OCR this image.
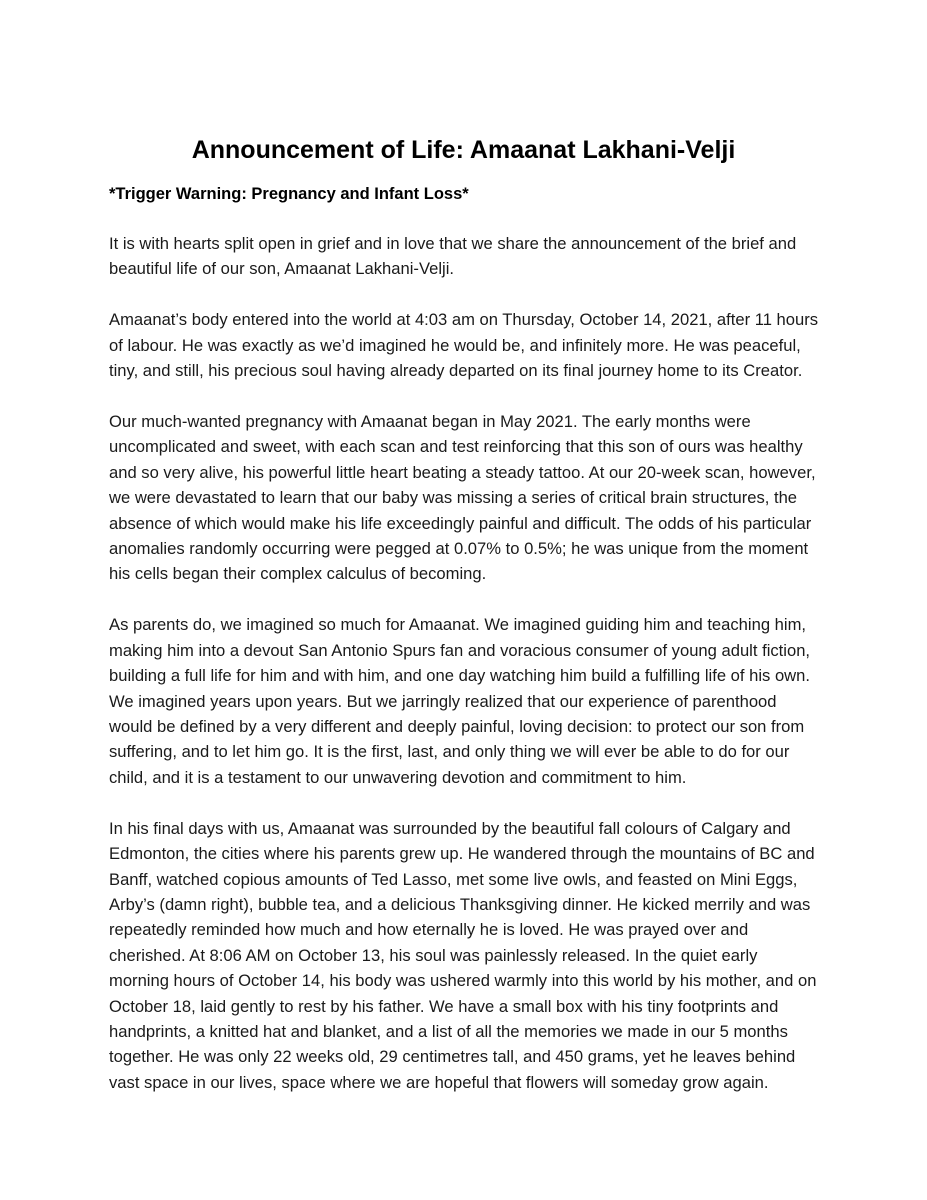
Announcement of Life: Amaanat Lakhani-Velji

*Trigger Warning: Pregnancy and Infant Loss*

It is with hearts split open in grief and in love that we share the announcement of the brief and beautiful life of our son, Amaanat Lakhani-Velji.

Amaanat’s body entered into the world at 4:03 am on Thursday, October 14, 2021, after 11 hours of labour. He was exactly as we’d imagined he would be, and infinitely more. He was peaceful, tiny, and still, his precious soul having already departed on its final journey home to its Creator.

Our much-wanted pregnancy with Amaanat began in May 2021. The early months were uncomplicated and sweet, with each scan and test reinforcing that this son of ours was healthy and so very alive, his powerful little heart beating a steady tattoo. At our 20-week scan, however, we were devastated to learn that our baby was missing a series of critical brain structures, the absence of which would make his life exceedingly painful and difficult. The odds of his particular anomalies randomly occurring were pegged at 0.07% to 0.5%; he was unique from the moment his cells began their complex calculus of becoming.

As parents do, we imagined so much for Amaanat. We imagined guiding him and teaching him, making him into a devout San Antonio Spurs fan and voracious consumer of young adult fiction, building a full life for him and with him, and one day watching him build a fulfilling life of his own. We imagined years upon years. But we jarringly realized that our experience of parenthood would be defined by a very different and deeply painful, loving decision: to protect our son from suffering, and to let him go. It is the first, last, and only thing we will ever be able to do for our child, and it is a testament to our unwavering devotion and commitment to him.

In his final days with us, Amaanat was surrounded by the beautiful fall colours of Calgary and Edmonton, the cities where his parents grew up. He wandered through the mountains of BC and Banff, watched copious amounts of Ted Lasso, met some live owls, and feasted on Mini Eggs, Arby’s (damn right), bubble tea, and a delicious Thanksgiving dinner. He kicked merrily and was repeatedly reminded how much and how eternally he is loved. He was prayed over and cherished. At 8:06 AM on October 13, his soul was painlessly released. In the quiet early morning hours of October 14, his body was ushered warmly into this world by his mother, and on October 18, laid gently to rest by his father. We have a small box with his tiny footprints and handprints, a knitted hat and blanket, and a list of all the memories we made in our 5 months together. He was only 22 weeks old, 29 centimetres tall, and 450 grams, yet he leaves behind vast space in our lives, space where we are hopeful that flowers will someday grow again.
